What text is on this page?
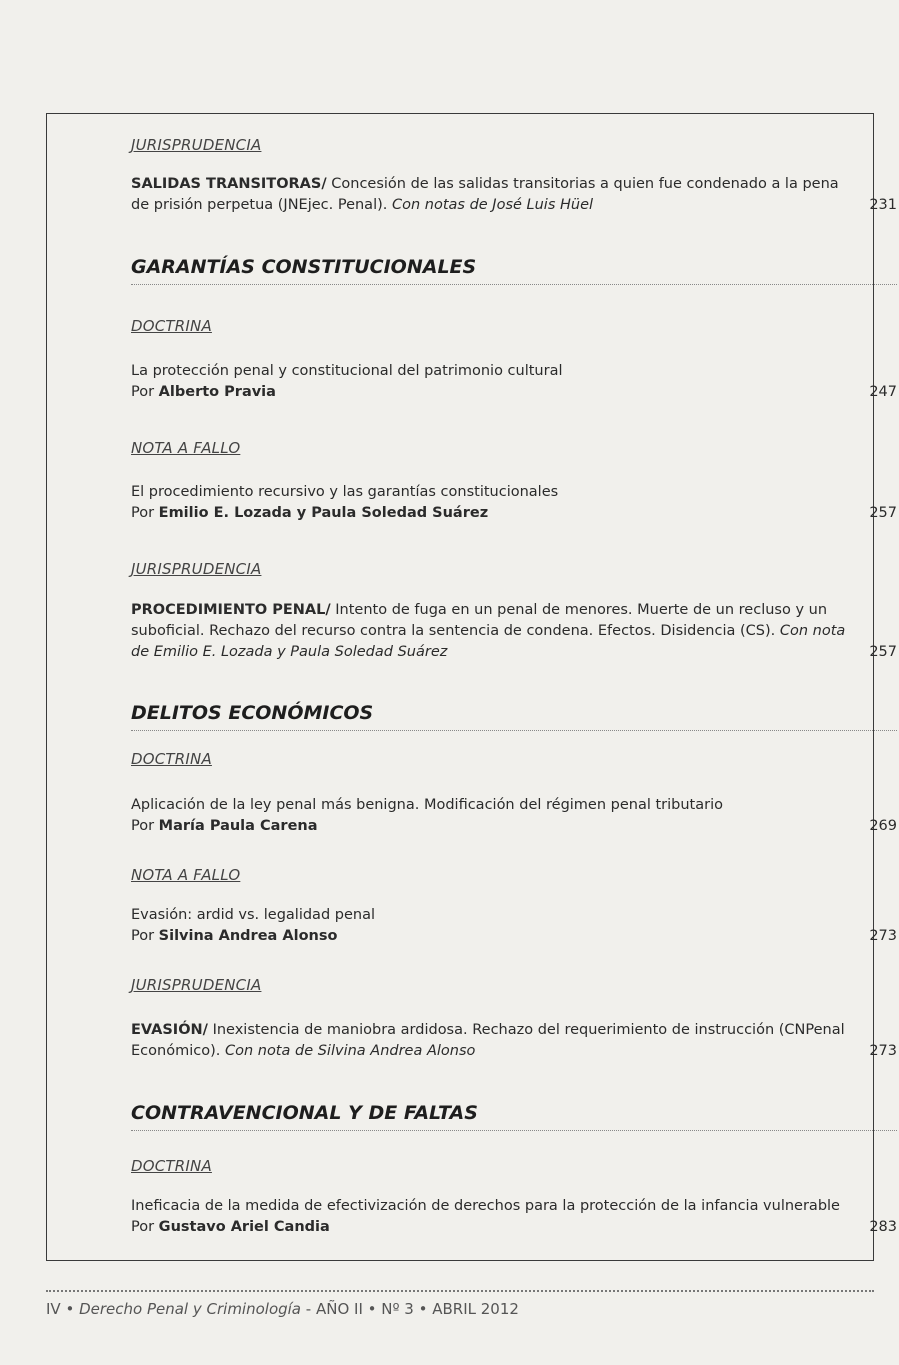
JURISPRUDENCIA
SALIDAS TRANSITORAS/ Concesión de las salidas transitorias a quien fue condenado a la pena de prisión perpetua (JNEjec. Penal). Con notas de José Luis Hüel	231
GARANTÍAS CONSTITUCIONALES
DOCTRINA
La protección penal y constitucional del patrimonio cultural
Por Alberto Pravia	247
NOTA A FALLO
El procedimiento recursivo y las garantías constitucionales
Por Emilio E. Lozada y Paula Soledad Suárez	257
JURISPRUDENCIA
PROCEDIMIENTO PENAL/ Intento de fuga en un penal de menores. Muerte de un recluso y un suboficial. Rechazo del recurso contra la sentencia de condena. Efectos. Disidencia (CS). Con nota de Emilio E. Lozada y Paula Soledad Suárez	257
DELITOS ECONÓMICOS
DOCTRINA
Aplicación de la ley penal más benigna. Modificación del régimen penal tributario
Por María Paula Carena	269
NOTA A FALLO
Evasión: ardid vs. legalidad penal
Por Silvina Andrea Alonso	273
JURISPRUDENCIA
EVASIÓN/ Inexistencia de maniobra ardidosa. Rechazo del requerimiento de instrucción (CNPenal Económico). Con nota de Silvina Andrea Alonso	273
CONTRAVENCIONAL Y DE FALTAS
DOCTRINA
Ineficacia de la medida de efectivización de derechos para la protección de la infancia vulnerable
Por Gustavo Ariel Candia	283
IV • Derecho Penal y Criminología - AÑO II • Nº 3 • ABRIL 2012
